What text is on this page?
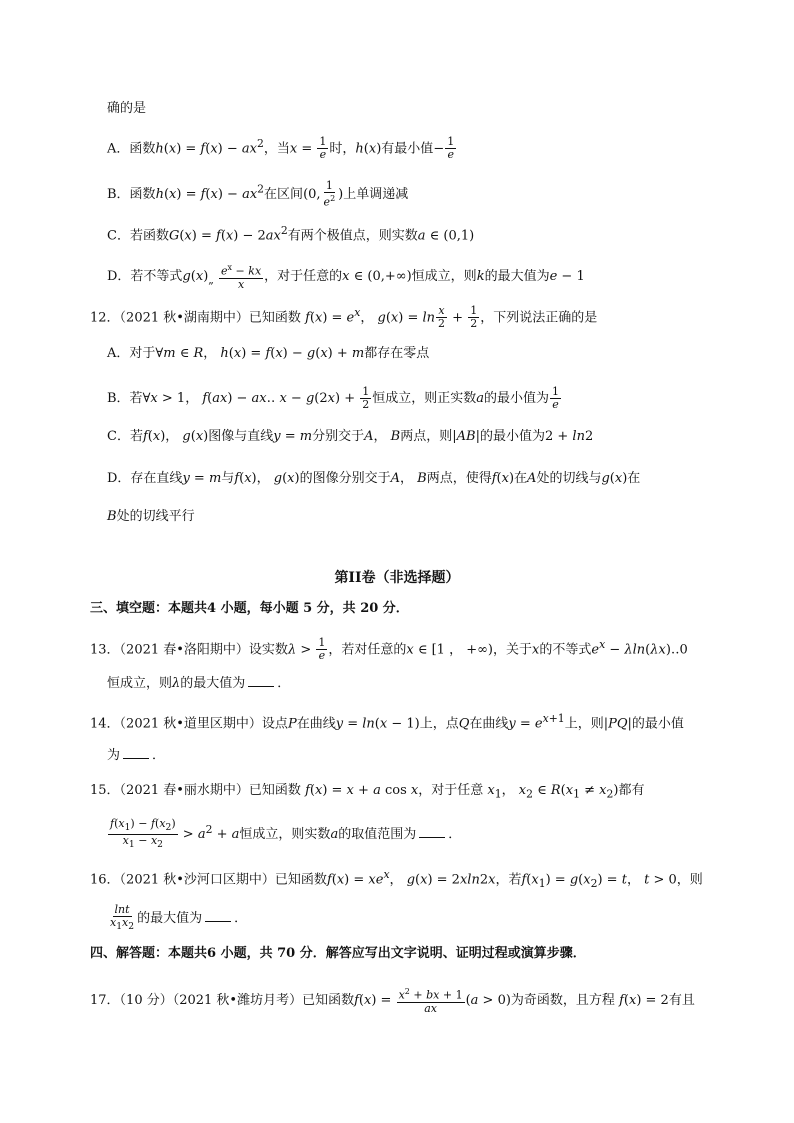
确的是
A．函数$h(x) = f(x) - ax^2$，当$x = \frac{1}{e}$ 时，h(x)有最小值− $\frac{1}{e}$
B．函数$h(x) = f(x) - ax^2$在区间(0, $\frac{1}{e^2}$ )上单调递减
C．若函数$G(x) = f(x) - 2ax^2$有两个极值点，则实数a ∈ (0,1)
D．若不等式$g(x)_„ \frac{e^x - kx}{x}$ ，对于任意的x ∈ (0,+∞)恒成立，则k的最大值为e − 1
12．（2021 秋•湖南期中）已知函数 $f(x) = e^x$， $g(x) = \ln \frac{x}{2} + \frac{1}{2}$ ，下列说法正确的是
A．对于∀m ∈ R， h(x) = f(x) − g(x) + m都存在零点
B．若∀x > 1， f(ax) − ax‥ $x - g(2x) + \frac{1}{2}$ 恒成立，则正实数a的最小值为 $\frac{1}{e}$
C．若f(x)， g(x)图像与直线y = m分别交于A， B两点，则|AB|的最小值为2 + ln2
D．存在直线y = m与f(x)， g(x)的图像分别交于A， B两点，使得f(x)在A处的切线与g(x)在
B处的切线平行
第II卷（非选择题）
三、填空题：本题共4 小题，每小题 5 分，共 20 分．
13．（2021 春•洛阳期中）设实数$\lambda > \frac{1}{e}$ ，若对任意的x ∈ [1 ， +∞)，关于x的不等式$e^x$ − λln(λx)‥0
恒成立，则λ的最大值为 ．
14．（2021 秋•道里区期中）设点P在曲线y = ln(x − 1)上，点Q在曲线$y = e^{x+1}$上，则|PQ|的最小值
为 ．
15．（2021 春•丽水期中）已知函数 f(x) = x + a cos x，对于任意 $x_1$， $x_2$ ∈ $R(x_1 \ne x_2)$都有
$\frac{f(x_1) - f(x_2)}{x_1 - x_2} > a^2 + a$恒成立，则实数a的取值范围为 ．
16．（2021 秋•沙河口区期中）已知函数$f(x) = xe^x$， g(x) = 2xln2x，若$f(x_1) = g(x_2) = t$， t > 0，则
$\frac{\ln t}{x_1x_2}$ 的最大值为 ．
四、解答题：本题共6 小题，共 70 分．解答应写出文字说明、证明过程或演算步骤．
17．（10 分）（2021 秋•潍坊月考）已知函数$f(x) = \frac{x^2 + bx + 1}{ax} (a > 0)$为奇函数，且方程 f(x) = 2有且
